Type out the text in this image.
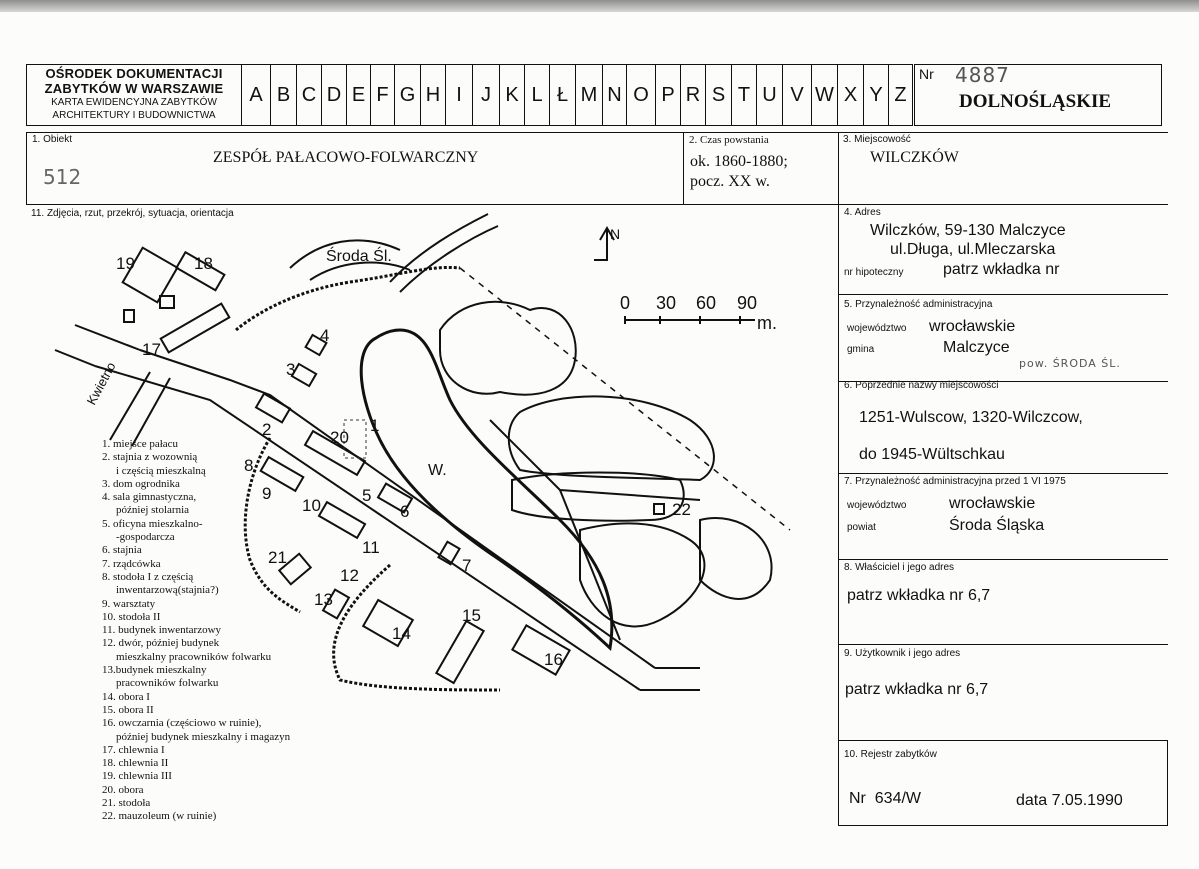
OŚRODEK DOKUMENTACJI
ZABYTKÓW W WARSZAWIE
KARTA EWIDENCYJNA ZABYTKÓW
ARCHITEKTURY I BUDOWNICTWA
A B C D E F G H I J K L Ł M N O P R S T U V W X Y Z
Nr 4887
DOLNOŚLĄSKIE
1. Obiekt
ZESPÓŁ PAŁACOWO-FOLWARCZNY
512
2. Czas powstania
ok. 1860-1880;
pocz. XX w.
3. Miejscowość
WILCZKÓW
11. Zdjęcia, rzut, przekrój, sytuacja, orientacja
Środa Śl.
Kwietno
N
0 30 60 90
m.
W.
1
2
3
4
5
6
7
8
9
10
11
12
13
14
15
16
17
18
19
20
21
22
1. miejsce pałacu
2. stajnia z wozownią
i częścią mieszkalną
3. dom ogrodnika
4. sala gimnastyczna,
później stolarnia
5. oficyna mieszkalno-
-gospodarcza
6. stajnia
7. rządcówka
8. stodoła I z częścią
inwentarzową(stajnia?)
9. warsztaty
10. stodoła II
11. budynek inwentarzowy
12. dwór, później budynek
mieszkalny pracowników folwarku
13.budynek mieszkalny
pracowników folwarku
14. obora I
15. obora II
16. owczarnia (częściowo w ruinie),
później budynek mieszkalny i magazyn
17. chlewnia I
18. chlewnia II
19. chlewnia III
20. obora
21. stodoła
22. mauzoleum (w ruinie)
4. Adres
Wilczków, 59-130 Malczyce
ul.Długa, ul.Mleczarska
nr hipoteczny patrz wkładka nr
5. Przynależność administracyjna
województwo wrocławskie
gmina	Malczyce
pow. ŚRODA ŚL.
6. Poprzednie nazwy miejscowości
1251-Wulscow, 1320-Wilczcow,
do 1945-Wültschkau
7. Przynależność administracyjna przed 1 VI 1975
województwo	wrocławskie
powiat	Środa Śląska
8. Właściciel i jego adres
patrz wkładka nr 6,7
9. Użytkownik i jego adres
patrz wkładka nr 6,7
10. Rejestr zabytków
Nr  634/W	data 7.05.1990
